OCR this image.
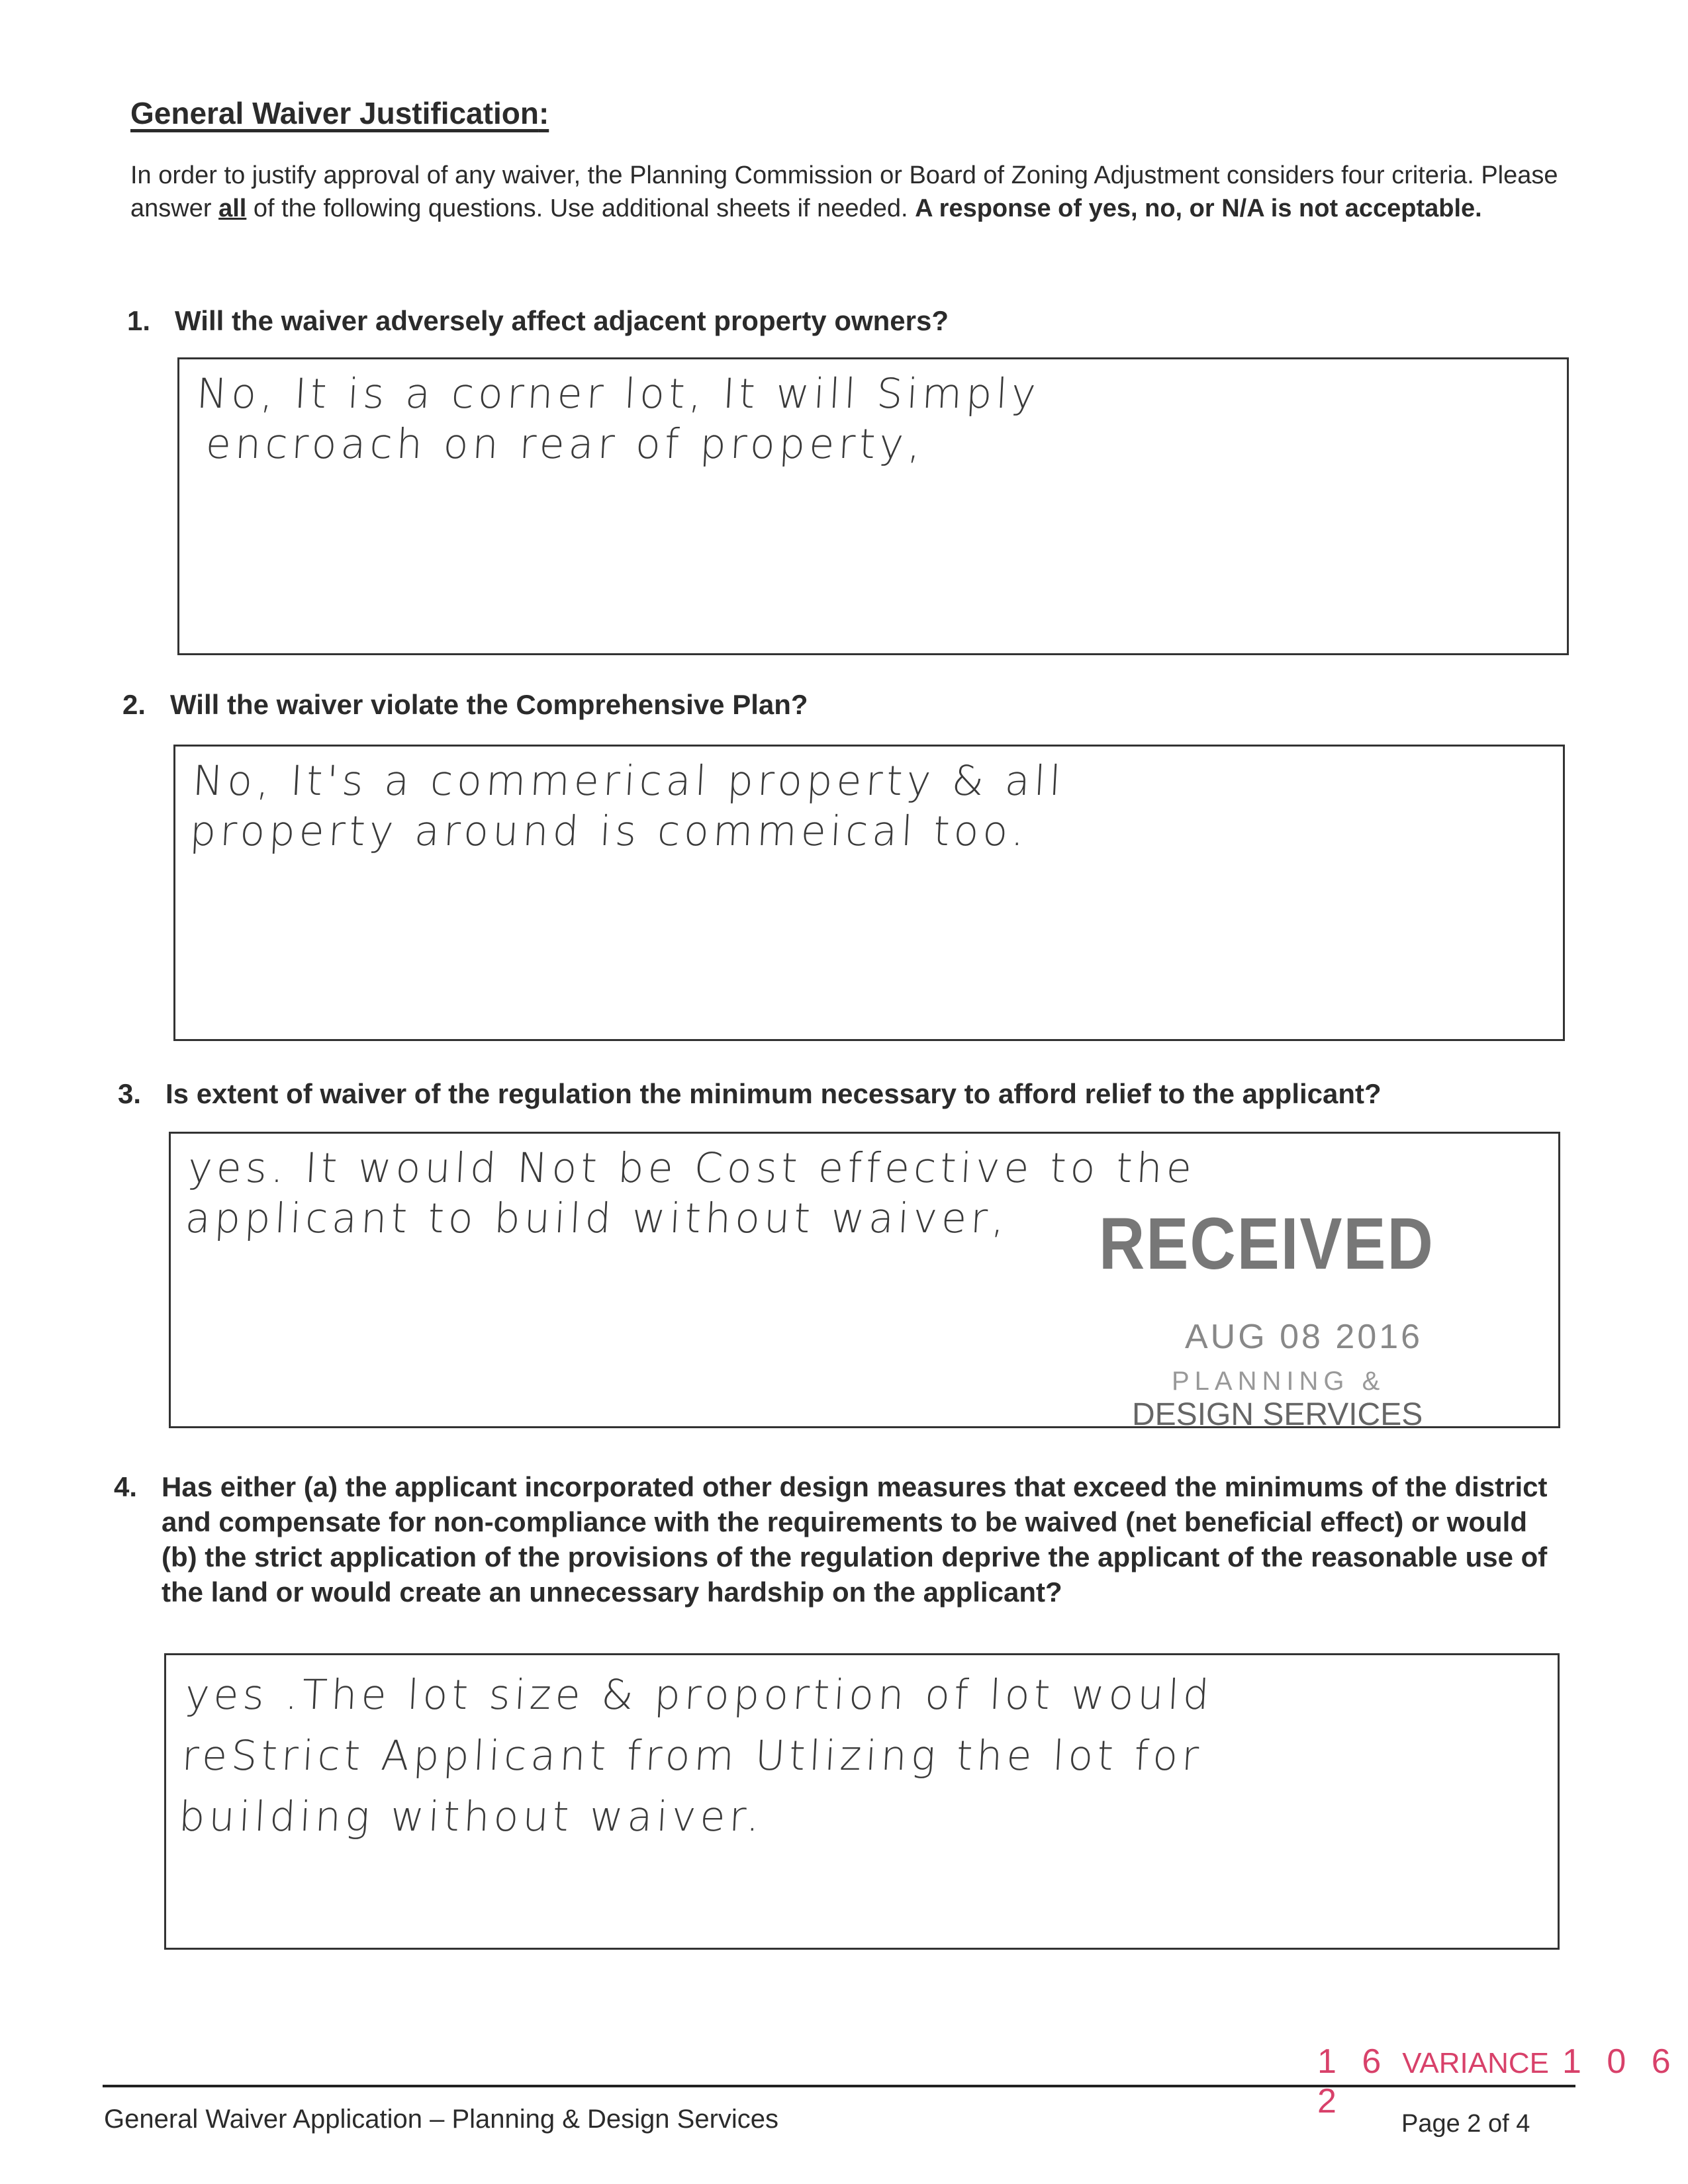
General Waiver Justification:
In order to justify approval of any waiver, the Planning Commission or Board of Zoning Adjustment considers four criteria. Please answer all of the following questions. Use additional sheets if needed. A response of yes, no, or N/A is not acceptable.
1. Will the waiver adversely affect adjacent property owners?
No, It is a corner lot, It will Simply
encroach on rear of property,
2. Will the waiver violate the Comprehensive Plan?
No, It's a commerical property & all
property around is commeical too.
3. Is extent of waiver of the regulation the minimum necessary to afford relief to the applicant?
yes. It would Not be Cost effective to the
applicant to build without waiver,	RECEIVED
AUG 08 2016
PLANNING &
DESIGN SERVICES
4. Has either (a) the applicant incorporated other design measures that exceed the minimums of the district and compensate for non-compliance with the requirements to be waived (net beneficial effect) or would (b) the strict application of the provisions of the regulation deprive the applicant of the reasonable use of the land or would create an unnecessary hardship on the applicant?
yes .The lot size & proportion of lot would
reStrict Applicant from Utlizing the lot for
building without waiver.
1 6 VARIANCE 1 0 6 2
General Waiver Application – Planning & Design Services	Page 2 of 4
